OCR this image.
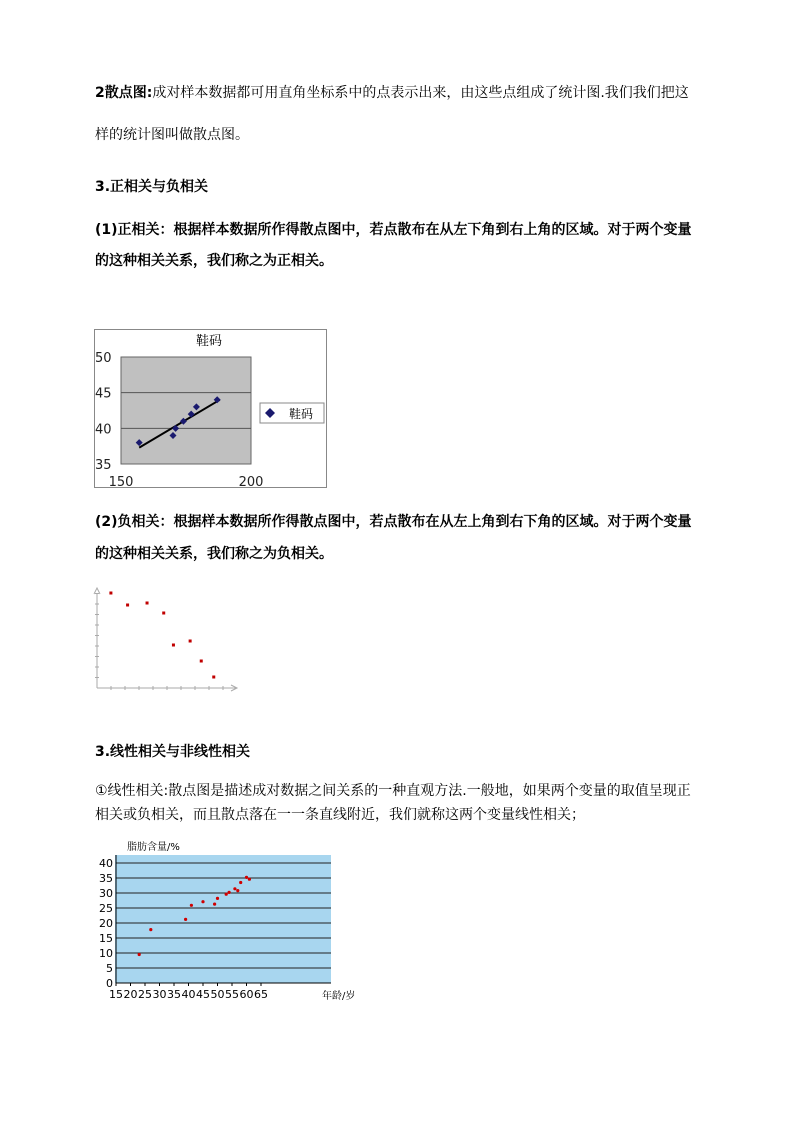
2散点图:成对样本数据都可用直角坐标系中的点表示出来，由这些点组成了统计图.我们我们把这

样的统计图叫做散点图。

3.正相关与负相关

(1)正相关：根据样本数据所作得散点图中，若点散布在从左下角到右上角的区域。对于两个变量

的这种相关关系，我们称之为正相关。

鞋码
35
40
45
50
150	200
鞋码

(2)负相关：根据样本数据所作得散点图中，若点散布在从左上角到右下角的区域。对于两个变量

的这种相关关系，我们称之为负相关。

3.线性相关与非线性相关

①线性相关:散点图是描述成对数据之间关系的一种直观方法.一般地，如果两个变量的取值呈现正

相关或负相关，而且散点落在一一条直线附近，我们就称这两个变量线性相关；

脂肪含量/%
年龄/岁
0
5
10
15
20
25
30
35
40
15 20 25 30 35 40 45 50 55 60 65
